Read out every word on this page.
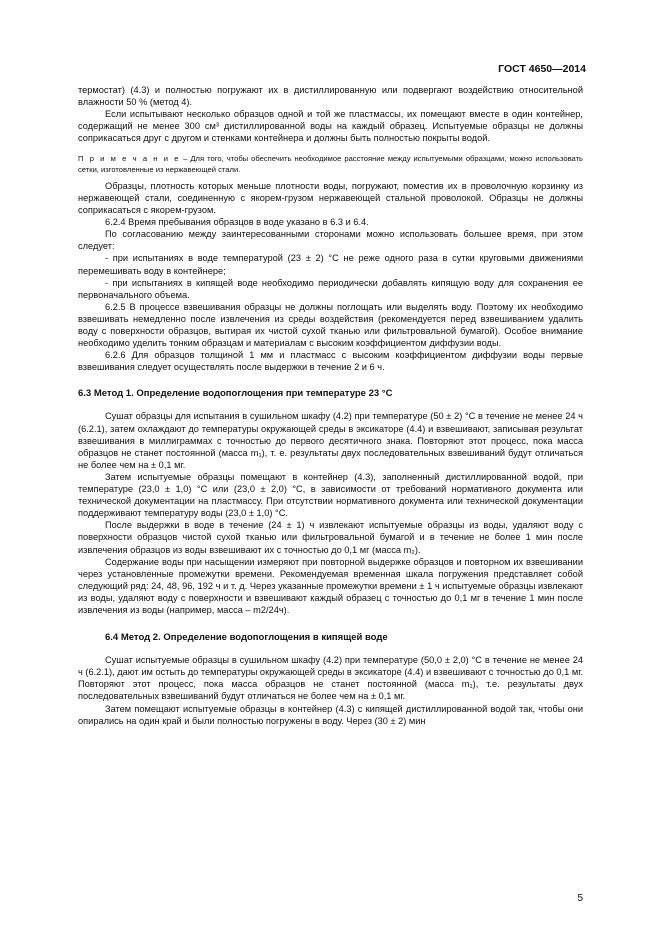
ГОСТ 4650—2014

термостат) (4.3) и полностью погружают их в дистиллированную или подвергают воздействию относительной влажности 50 % (метод 4).

Если испытывают несколько образцов одной и той же пластмассы, их помещают вместе в один контейнер, содержащий не менее 300 см³ дистиллированной воды на каждый образец. Испытуемые образцы не должны соприкасаться друг с другом и стенками контейнера и должны быть полностью покрыты водой.

П р и м е ч а н и е – Для того, чтобы обеспечить необходимое расстояние между испытуемыми образцами, можно использовать сетки, изготовленные из нержавеющей стали.

Образцы, плотность которых меньше плотности воды, погружают, поместив их в проволочную корзинку из нержавеющей стали, соединенную с якорем-грузом нержавеющей стальной проволокой. Образцы не должны соприкасаться с якорем-грузом.

6.2.4 Время пребывания образцов в воде указано в 6.3 и 6.4.

По согласованию между заинтересованными сторонами можно использовать большее время, при этом следует:

- при испытаниях в воде температурой (23 ± 2) °С не реже одного раза в сутки круговыми движениями перемешивать воду в контейнере;

- при испытаниях в кипящей воде необходимо периодически добавлять кипящую воду для сохранения ее первоначального объема.

6.2.5 В процессе взвешивания образцы не должны поглощать или выделять воду. Поэтому их необходимо взвешивать немедленно после извлечения из среды воздействия (рекомендуется перед взвешиванием удалить воду с поверхности образцов, вытирая их чистой сухой тканью или фильтровальной бумагой). Особое внимание необходимо уделить тонким образцам и материалам с высоким коэффициентом диффузии воды.

6.2.6 Для образцов толщиной 1 мм и пластмасс с высоким коэффициентом диффузии воды первые взвешивания следует осуществлять после выдержки в течение 2 и 6 ч.

6.3 Метод 1. Определение водопоглощения при температуре 23 °С

Сушат образцы для испытания в сушильном шкафу (4.2) при температуре (50 ± 2) °С в течение не менее 24 ч (6.2.1), затем охлаждают до температуры окружающей среды в эксикаторе (4.4) и взвешивают, записывая результат взвешивания в миллиграммах с точностью до первого десятичного знака. Повторяют этот процесс, пока масса образцов не станет постоянной (масса m₁), т. е. результаты двух последовательных взвешиваний будут отличаться не более чем на ± 0,1 мг.

Затем испытуемые образцы помещают в контейнер (4.3), заполненный дистиллированной водой, при температуре (23,0 ± 1,0) °С или (23,0 ± 2,0) °С, в зависимости от требований нормативного документа или технической документации на пластмассу. При отсутствии нормативного документа или технической документации поддерживают температуру воды (23,0 ± 1,0) °С.

После выдержки в воде в течение (24 ± 1) ч извлекают испытуемые образцы из воды, удаляют воду с поверхности образцов чистой сухой тканью или фильтровальной бумагой и в течение не более 1 мин после извлечения образцов из воды взвешивают их с точностью до 0,1 мг (масса m₂).

Содержание воды при насыщении измеряют при повторной выдержке образцов и повторном их взвешивании через установленные промежутки времени. Рекомендуемая временная шкала погружения представляет собой следующий ряд: 24, 48, 96, 192 ч и т. д. Через указанные промежутки времени ± 1 ч испытуемые образцы извлекают из воды, удаляют воду с поверхности и взвешивают каждый образец с точностью до 0,1 мг в течение 1 мин после извлечения из воды (например, масса – m2/24ч).

6.4 Метод 2. Определение водопоглощения в кипящей воде

Сушат испытуемые образцы в сушильном шкафу (4.2) при температуре (50,0 ± 2,0) °С в течение не менее 24 ч (6.2.1), дают им остыть до температуры окружающей среды в эксикаторе (4.4) и взвешивают с точностью до 0,1 мг. Повторяют этот процесс, пока масса образцов не станет постоянной (масса m₁), т.е. результаты двух последовательных взвешиваний будут отличаться не более чем на ± 0,1 мг.

Затем помещают испытуемые образцы в контейнер (4.3) с кипящей дистиллированной водой так, чтобы они опирались на один край и были полностью погружены в воду. Через (30 ± 2) мин

5
